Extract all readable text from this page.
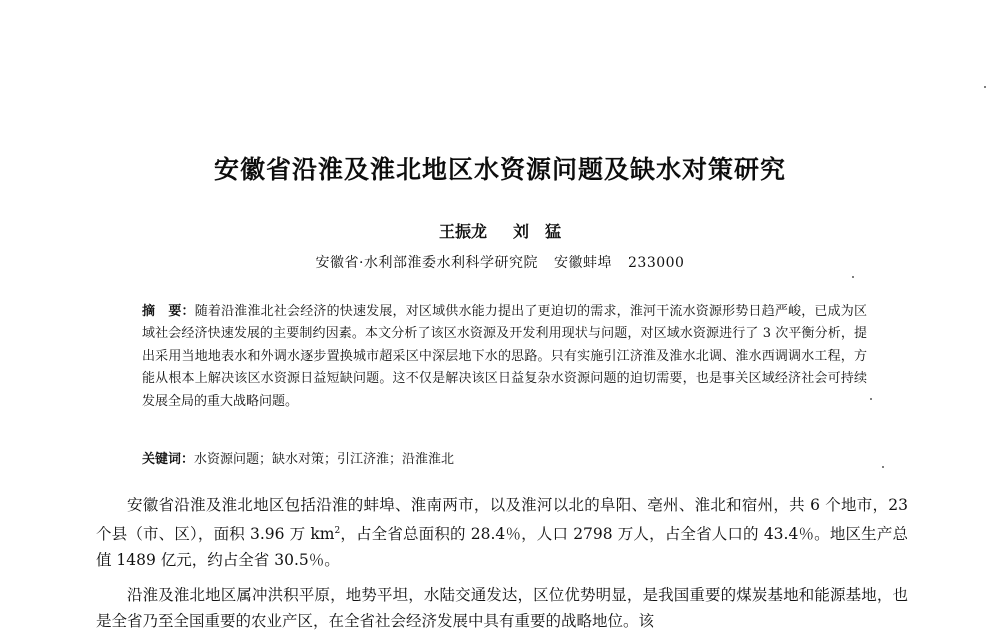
安徽省沿淮及淮北地区水资源问题及缺水对策研究
王振龙 刘　猛
安徽省·水利部淮委水利科学研究院 安徽蚌埠 233000
摘　要：随着沿淮淮北社会经济的快速发展，对区域供水能力提出了更迫切的需求，淮河干流水资源形势日趋严峻，已成为区域社会经济快速发展的主要制约因素。本文分析了该区水资源及开发利用现状与问题，对区域水资源进行了 3 次平衡分析，提出采用当地地表水和外调水逐步置换城市超采区中深层地下水的思路。只有实施引江济淮及淮水北调、淮水西调调水工程，方能从根本上解决该区水资源日益短缺问题。这不仅是解决该区日益复杂水资源问题的迫切需要，也是事关区域经济社会可持续发展全局的重大战略问题。
关键词：水资源问题；缺水对策；引江济淮；沿淮淮北

安徽省沿淮及淮北地区包括沿淮的蚌埠、淮南两市，以及淮河以北的阜阳、亳州、淮北和宿州，共 6 个地市，23 个县（市、区），面积 3.96 万 $km^2$，占全省总面积的 28.4％，人口 2798 万人，占全省人口的 43.4％。地区生产总值 1489 亿元，约占全省 30.5％。

沿淮及淮北地区属冲洪积平原，地势平坦，水陆交通发达，区位优势明显，是我国重要的煤炭基地和能源基地，也是全省乃至全国重要的农业产区，在全省社会经济发展中具有重要的战略地位。该
